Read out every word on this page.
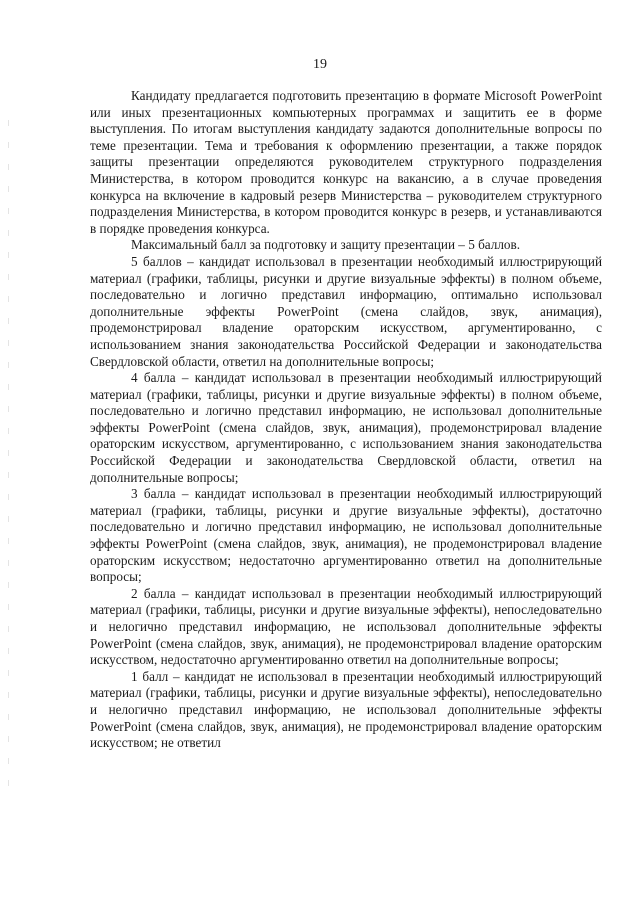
19

Кандидату предлагается подготовить презентацию в формате Microsoft PowerPoint или иных презентационных компьютерных программах и защитить ее в форме выступления. По итогам выступления кандидату задаются дополнительные вопросы по теме презентации. Тема и требования к оформлению презентации, а также порядок защиты презентации определяются руководителем структурного подразделения Министерства, в котором проводится конкурс на вакансию, а в случае проведения конкурса на включение в кадровый резерв Министерства – руководителем структурного подразделения Министерства, в котором проводится конкурс в резерв, и устанавливаются в порядке проведения конкурса.

Максимальный балл за подготовку и защиту презентации – 5 баллов.

5 баллов – кандидат использовал в презентации необходимый иллюстрирующий материал (графики, таблицы, рисунки и другие визуальные эффекты) в полном объеме, последовательно и логично представил информацию, оптимально использовал дополнительные эффекты PowerPoint (смена слайдов, звук, анимация), продемонстрировал владение ораторским искусством, аргументированно, с использованием знания законодательства Российской Федерации и законодательства Свердловской области, ответил на дополнительные вопросы;

4 балла – кандидат использовал в презентации необходимый иллюстрирующий материал (графики, таблицы, рисунки и другие визуальные эффекты) в полном объеме, последовательно и логично представил информацию, не использовал дополнительные эффекты PowerPoint (смена слайдов, звук, анимация), продемонстрировал владение ораторским искусством, аргументированно, с использованием знания законодательства Российской Федерации и законодательства Свердловской области, ответил на дополнительные вопросы;

3 балла – кандидат использовал в презентации необходимый иллюстрирующий материал (графики, таблицы, рисунки и другие визуальные эффекты), достаточно последовательно и логично представил информацию, не использовал дополнительные эффекты PowerPoint (смена слайдов, звук, анимация), не продемонстрировал владение ораторским искусством; недостаточно аргументированно ответил на дополнительные вопросы;

2 балла – кандидат использовал в презентации необходимый иллюстрирующий материал (графики, таблицы, рисунки и другие визуальные эффекты), непоследовательно и нелогично представил информацию, не использовал дополнительные эффекты PowerPoint (смена слайдов, звук, анимация), не продемонстрировал владение ораторским искусством, недостаточно аргументированно ответил на дополнительные вопросы;

1 балл – кандидат не использовал в презентации необходимый иллюстрирующий материал (графики, таблицы, рисунки и другие визуальные эффекты), непоследовательно и нелогично представил информацию, не использовал дополнительные эффекты PowerPoint (смена слайдов, звук, анимация), не продемонстрировал владение ораторским искусством; не ответил
